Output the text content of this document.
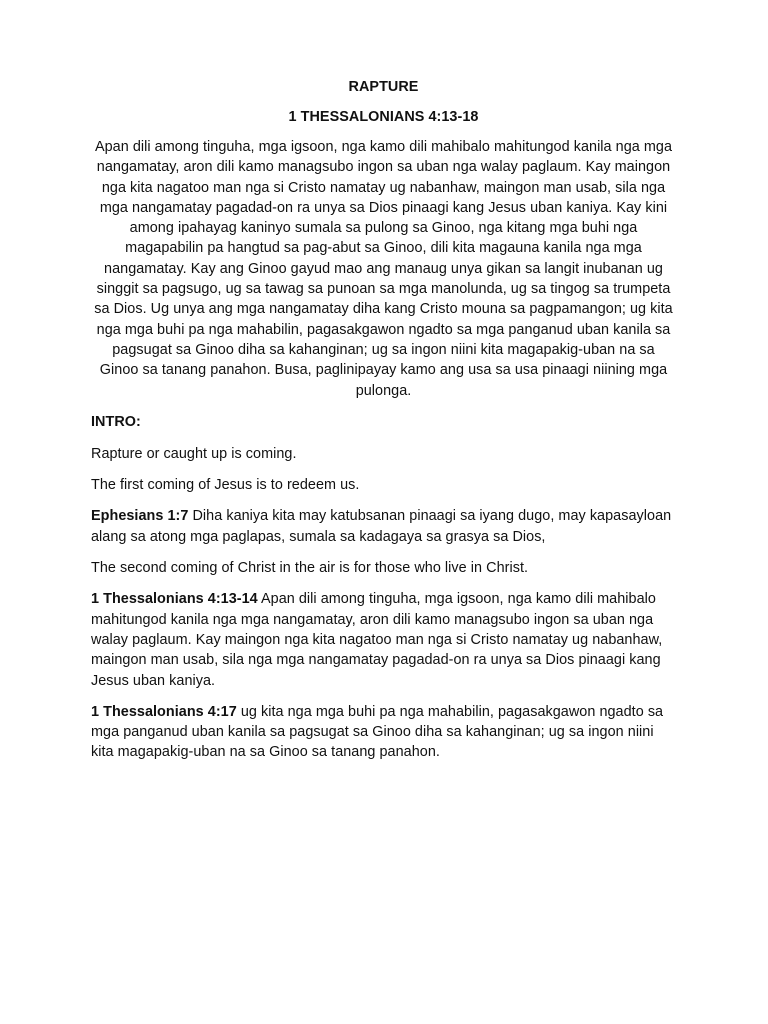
RAPTURE
1 THESSALONIANS 4:13-18
Apan dili among tinguha, mga igsoon, nga kamo dili mahibalo mahitungod kanila nga mga nangamatay, aron dili kamo managsubo ingon sa uban nga walay paglaum. Kay maingon nga kita nagatoo man nga si Cristo namatay ug nabanhaw, maingon man usab, sila nga mga nangamatay pagadad-on ra unya sa Dios pinaagi kang Jesus uban kaniya. Kay kini among ipahayag kaninyo sumala sa pulong sa Ginoo, nga kitang mga buhi nga magapabilin pa hangtud sa pag-abut sa Ginoo, dili kita magauna kanila nga mga nangamatay. Kay ang Ginoo gayud mao ang manaug unya gikan sa langit inubanan ug singgit sa pagsugo, ug sa tawag sa punoan sa mga manolunda, ug sa tingog sa trumpeta sa Dios. Ug unya ang mga nangamatay diha kang Cristo mouna sa pagpamangon; ug kita nga mga buhi pa nga mahabilin, pagasakgawon ngadto sa mga panganud uban kanila sa pagsugat sa Ginoo diha sa kahanginan; ug sa ingon niini kita magapakig-uban na sa Ginoo sa tanang panahon. Busa, paglinipayay kamo ang usa sa usa pinaagi niining mga pulonga.
INTRO:
Rapture or caught up is coming.
The first coming of Jesus is to redeem us.
Ephesians 1:7 Diha kaniya kita may katubsanan pinaagi sa iyang dugo, may kapasayloan alang sa atong mga paglapas, sumala sa kadagaya sa grasya sa Dios,
The second coming of Christ in the air is for those who live in Christ.
1 Thessalonians 4:13-14 Apan dili among tinguha, mga igsoon, nga kamo dili mahibalo mahitungod kanila nga mga nangamatay, aron dili kamo managsubo ingon sa uban nga walay paglaum. Kay maingon nga kita nagatoo man nga si Cristo namatay ug nabanhaw, maingon man usab, sila nga mga nangamatay pagadad-on ra unya sa Dios pinaagi kang Jesus uban kaniya.
1 Thessalonians 4:17 ug kita nga mga buhi pa nga mahabilin, pagasakgawon ngadto sa mga panganud uban kanila sa pagsugat sa Ginoo diha sa kahanginan; ug sa ingon niini kita magapakig-uban na sa Ginoo sa tanang panahon.
